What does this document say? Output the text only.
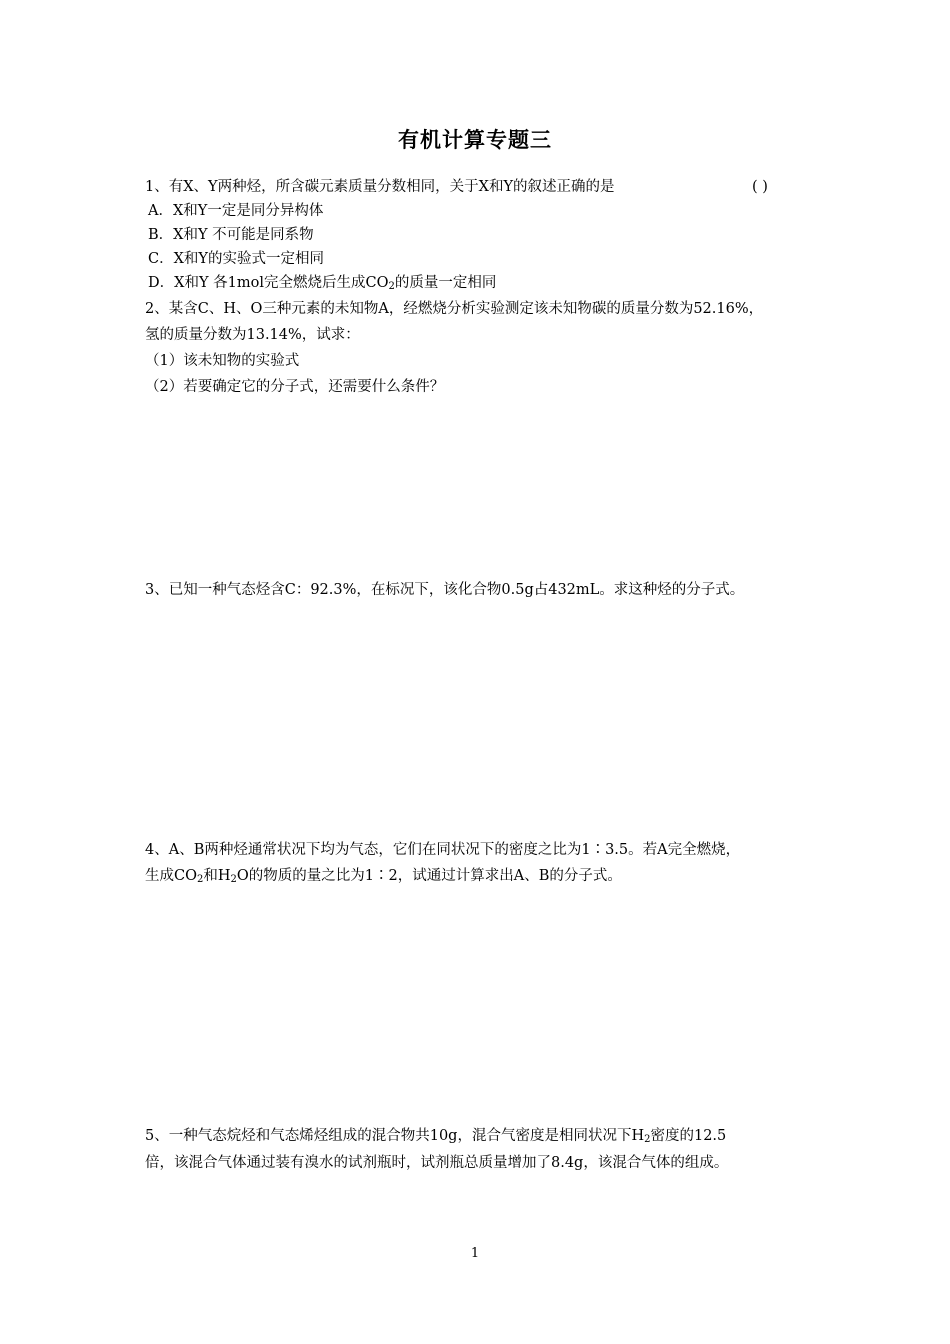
有机计算专题三
1、有X、Y两种烃，所含碳元素质量分数相同，关于X和Y的叙述正确的是	( )
A．X和Y一定是同分异构体
B．X和Y 不可能是同系物
C．X和Y的实验式一定相同
D．X和Y 各1mol完全燃烧后生成$CO_2$的质量一定相同
2、某含C、H、O三种元素的未知物A，经燃烧分析实验测定该未知物碳的质量分数为52.16%，
氢的质量分数为13.14%，试求：
（1）该未知物的实验式
（2）若要确定它的分子式，还需要什么条件？
3、已知一种气态烃含C：92.3%，在标况下，该化合物0.5g占432mL。求这种烃的分子式。
4、A、B两种烃通常状况下均为气态，它们在同状况下的密度之比为1∶3.5。若A完全燃烧，
生成$CO_2$和$H_2O$的物质的量之比为1∶2，试通过计算求出A、B的分子式。
5、一种气态烷烃和气态烯烃组成的混合物共10g，混合气密度是相同状况下$H_2$密度的12.5
倍，该混合气体通过装有溴水的试剂瓶时，试剂瓶总质量增加了8.4g，该混合气体的组成。
1
